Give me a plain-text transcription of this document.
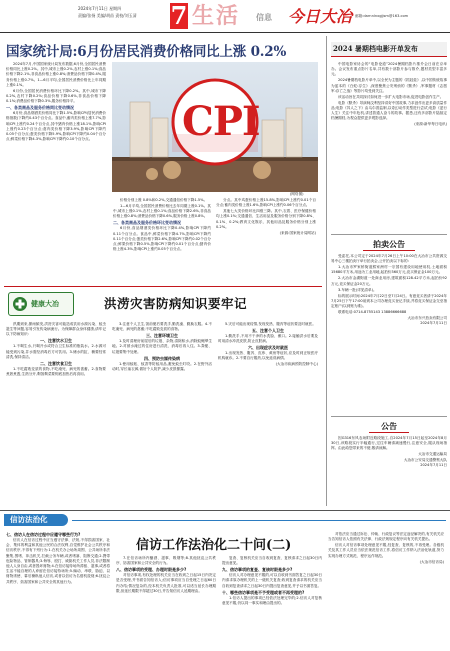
2024年7月11日 星期四
责编/张扬 美编/胡苗 责校/刘玉清 7 生活 信息 今日大冶 邮箱:darnnlnxgjjsm@163.com
国家统计局:6月份居民消费价格同比上涨 0.2%

2024年7月,中国国家统计局发布数据,6月份,全国居民消费价格同比上涨0.2%。其中,城市上涨0.2%,农村上涨0.1%;食品价格下降2.1%,非食品价格上涨0.8%;消费品价格下降0.4%,服务价格上涨0.7%。1—6月平均,全国居民消费价格比上年同期上涨0.1%。

6月份,全国居民消费价格环比下降0.2%。其中,城市下降0.2%,农村下降0.2%;食品价格下降0.6%,非食品价格下降0.1%;消费品价格下降0.3%,服务价格持平。

一、各类商品及服务价格同比变动情况

6月份,食品烟酒类价格同比下降1.5%,影响CPI(居民消费价格指数)下降约0.43个百分点。食品中,畜肉类价格上涨7.7%,影响CPI上涨约0.24个百分点,其中猪肉价格上涨18.1%,影响CPI上涨约0.23个百分点;禽肉类价格下降3.9%,影响CPI下降约0.05个百分点;蛋类价格下降5.9%,影响CPI下降约0.04个百分点;鲜菜价格下降4.3%,影响CPI下降约0.10个百分点。	CPI

价格分别上涨 0.8%和0.2%,交通通信价格下降1.5%。

1—6月平均,全国居民消费价格比去年同期上涨0.1%。其中,城市上涨0.1%,农村上涨0.1%;食品价格下降2.6%,非食品价格上涨0.8%;消费品价格下降0.6%,服务价格上涨0.8%。

二、各类商品及服务价格环比变动情况

6月份,食品烟酒类价格环比下降0.4%,影响CPI下降约0.11个百分点。食品中,鲜菜价格下降4.7%,影响CPI下降约0.11个百分点;蛋类价格下降2.6%,影响CPI下降约0.02个百分点;鲜果价格下降0.5%,影响CPI下降约0.01个百分点;猪肉价格上涨4.3%,影响CPI上涨约0.05个百分点。

分点。其中鸡蛋价格上涨15.8%,影响CPI上涨约0.01个百分点;畜肉类价格上涨1.6%,影响CPI上涨约0.06个百分点。

其他七大类价格环比四涨三降。其中,衣着、医疗保健价格均上涨0.1%;交通通信、生活用品及服务价格分别下降0.8%、0.1%、0.2%;教育文化娱乐、其他用品及服务价格分别上涨0.2%。

(来源:国家统计局网站)
(网络图)
2024 暑期档电影开单发布

中国电影家协会的“电影论道”2024暑期档影片推介会日前在京举办。会议发布重点影片名单,共有数十部影片参与推介,题材类型丰富多元。

2024暑期档电影片单中,以全民为主题的《抓娃娃》,以中国传统故事为蓝本的《白蛇:浮生》,深度聚焦公安刑侦的《默杀》,军事题材《志愿军:存亡之战》等影片均受到关注。

该活动旨在共同探讨如何进一步扩大电影市场,促进电影创作生产。

电影《默杀》导演柯汶利坚持讲好中国故事,力求创作出更多高质量作品;电影《异人之下》由乌尔善监制,以奇幻动作类型进行尝试;电影《逆行人生》关注中年危机,讲述普通人奋斗的故事。据悉,还有多部影片陆续定档暑期档,为观众提供更多观影选择。

(来源:新华每日电讯)
拍卖公告

受委托,本公司定于2024年7月26日上午10:00在大冶市公共资源交易中心三楼拍卖厅举行拍卖会,公开拍卖以下标的:

1.大冶市罗家桥街道熊家洲村一宗国有建设用地使用权,土地面积15680平方米,用途为工业用地,起拍价360万元,竞买保证金100万元。

2.大冶市金湖街道一处商业用房,建筑面积128.42平方米,起拍价92万元,竞买保证金20万元。

3.车辆一批(详见清单)。

标的展示时间:2024年7月22日至7月24日。有意竞买者请于2024年7月25日下午17:00前到本公司办理竞买登记手续,并将竞买保证金交至指定账户(以到账为准)。

联系电话:0714-8755143 13886666688

大冶市东兴拍卖有限公司
2024年7月11日
公告

因G316东风农场附近路段施工,自2024年7月15日起至2024年8月30日,该路段实行半幅通行,过往车辆请减速慢行,注意安全,服从现场指挥。由此给您带来的不便,敬请谅解。

大冶市交通运输局
大冶市公安局交通警察大队
2024年7月11日
健康大冶	洪涝灾害防病知识要牢记

汛期到来,暴雨频发,洪涝灾害可能造成饮用水源污染、蚊虫滋生等问题,容易引发传染病流行。为保障群众身体健康,请牢记以下防病知识:

一、注意饮水卫生

1.不喝生水,只喝开水或符合卫生标准的瓶装水。2.水源可能受到污染,井水需经消毒后方可饮用。3.储水的缸、桶要经常清洗,保持清洁。

二、注意饮食卫生

1.不吃腐败变质的食物,不吃淹死、病死的禽畜。2.食物要煮熟煮透,生熟分开,剩饭剩菜要彻底加热后再食用。

3.注意个人卫生,饭前便后要洗手,勤洗澡、勤换衣服。4.不吃淹死、病死的禽畜;不吃腐败变质的食物。

三、注意环境卫生

1.及时清理房前屋后的垃圾、杂物,清除积水,消除蚊蝇孳生地。2.对被水淹过的住房进行清洗、消毒后再入住。3.粪便、垃圾要集中处理。

四、预防虫媒传染病

1.使用蚊帐、蚊香等防蚊用品,避免蚊虫叮咬。2.在野外活动时,穿长袖衣裤,做好个人防护,减少皮肤暴露。

5.灾后可能出现疫情,发现发热、腹泻等症状要及时就医。

五、注意个人卫生

1.勤洗手,不用不干净的水洗脸、漱口。2.接触洪水后要及时用清水冲洗皮肤,防止皮肤病。

六、出现症状及时就医

1.出现发热、腹泻、皮疹、黄疸等症状,应及时到正规医疗机构就诊。2.不要自行服药,以免延误病情。

(大冶市疾病预防控制中心)
信访法治化
信访工作法治化二十问(二)

七、信访人在信访过程中应遵守哪些行为?

信访人在信访过程中应当遵守法律、法规,不得损害国家、社会、集体的利益和其他公民的合法权利,自觉维护社会公共秩序和信访秩序,不得有下列行为:1.在机关办公场所周围、公共场所非法聚集,围堵、冲击机关,拦截公务车辆,或者堵塞、阻断交通;2.携带危险物品、管制器具;3.侮辱、殴打、威胁机关工作人员,非法限制他人人身自由,或者毁坏财物;4.在信访接待场所滞留、滋事,或者将生活不能自理的人弃留在信访接待场所;5.煽动、串联、胁迫、以财物诱使、幕后操纵他人信访,或者以信访为名借机敛财;6.扰乱公共秩序、妨害国家和公共安全的其他行为。

7.在信访场所内酗酒、滋事、吸烟等;8.其他扰乱公共秩序、妨害国家和公共安全的行为。

八、信访事项的受理、办理时限是多少?

对信访事项,有权处理的机关应当在收到之日起15日内决定是否受理,并书面告知信访人;信访事项应当自受理之日起60日内办结;情况复杂的,经本机关负责人批准,可以适当延长办理期限,但延长期限不得超过30日,并告知信访人延期理由。

复查、复核机关应当自收到复查、复核请求之日起30日内提出意见。

九、信访事项的复查、复核时限是多少?

信访人对办理意见不服的,可以自收到书面答复之日起30日内请求原办理机关的上一级机关复查;收到复查请求的机关应当自收到复查请求之日起30日内提出复查意见,并予以书面答复。

十、哪些信访事项是不予受理或者不再受理的?

1.信访人提出的事项已经依法处理完毕的;2.信访人对复核意见不服,仍以同一事实和理由提出的。

对依法应当通过诉讼、仲裁、行政复议等法定途径解决的,有关机关应当告知信访人依照有关法律、行政法规规定程序向有关机关提出。

信访人对信访事项处理意见不服,经复查、复核的,不再受理。各级机关及其工作人员应当依法规范信访工作,将信访工作纳入法治化轨道,努力实现办理方式规范、程序运作规范。

(大冶市信访局)
